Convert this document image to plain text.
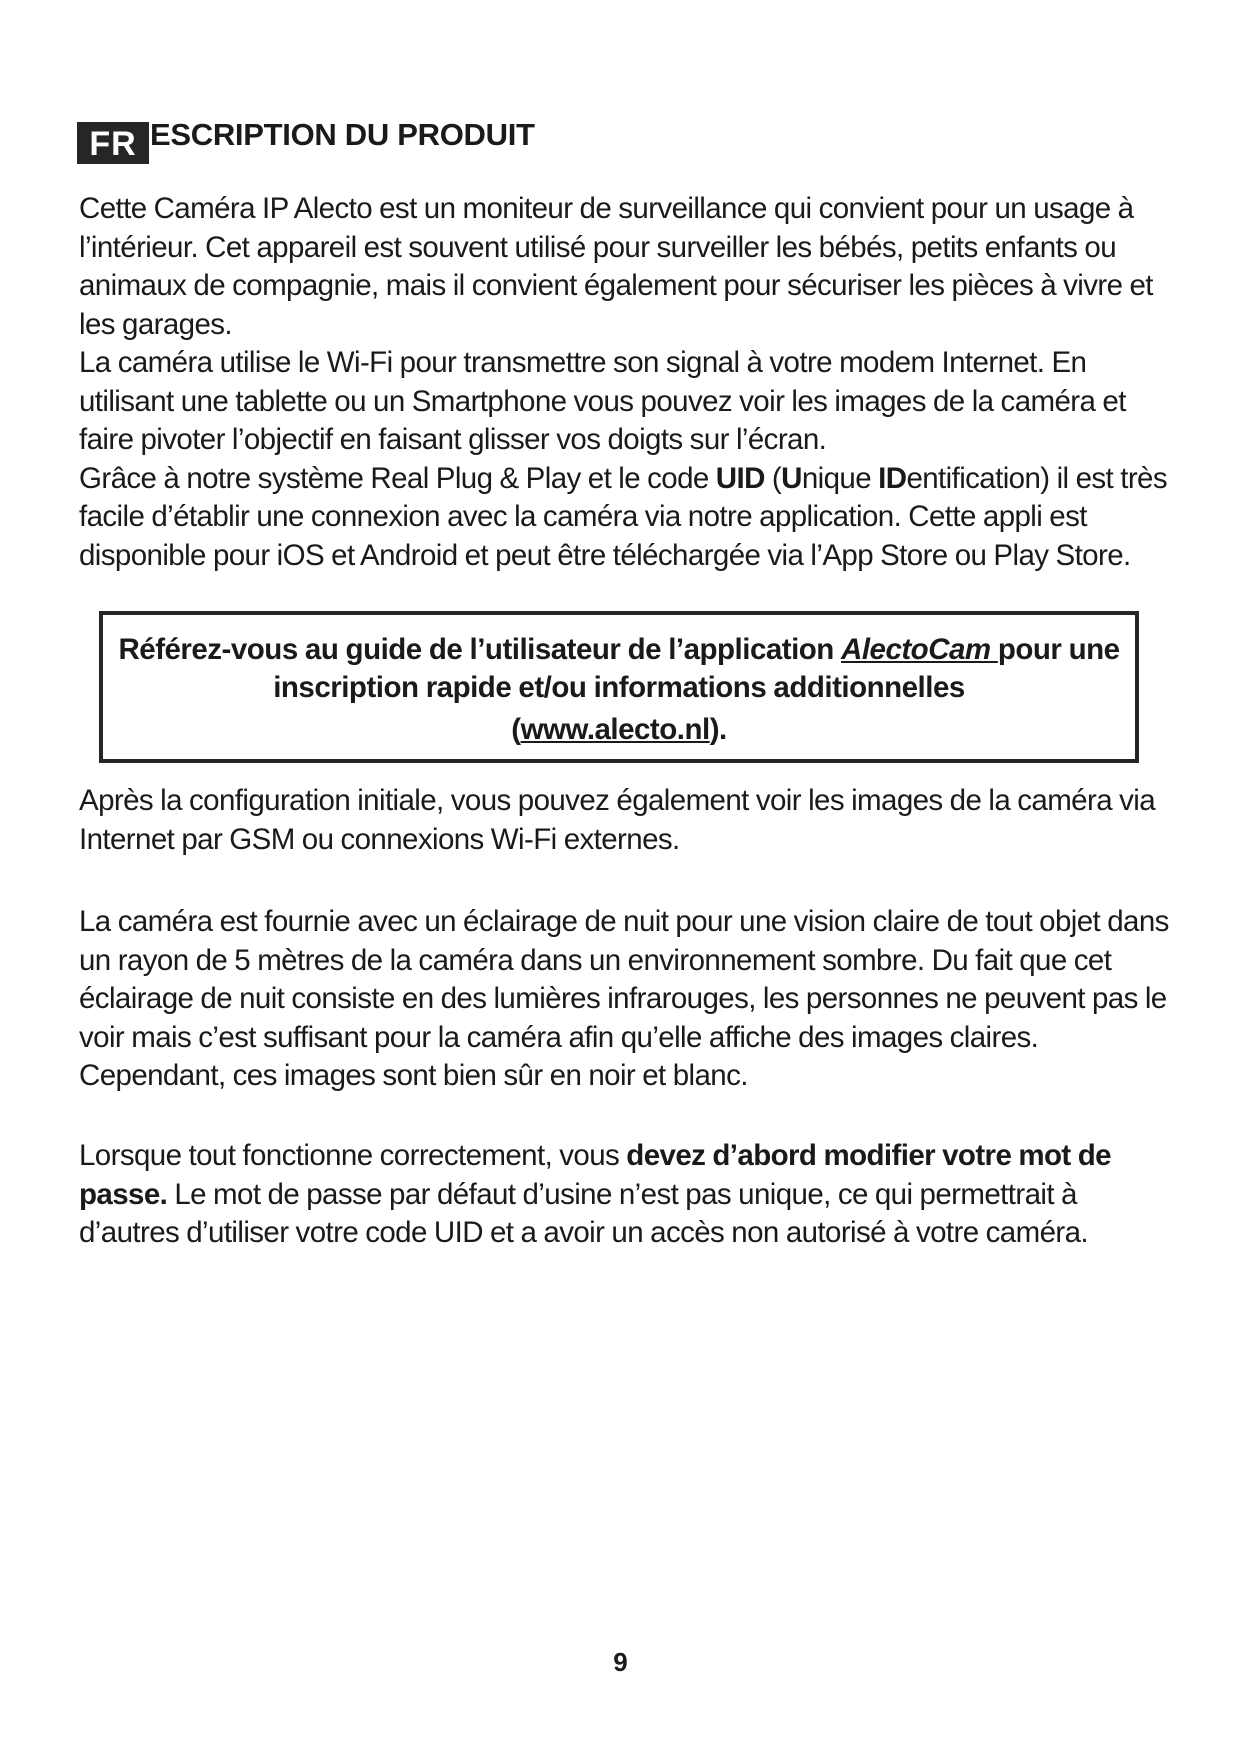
FR ESCRIPTION DU PRODUIT

Cette Caméra IP Alecto est un moniteur de surveillance qui convient pour un usage à l’intérieur. Cet appareil est souvent utilisé pour surveiller les bébés, petits enfants ou animaux de compagnie, mais il convient également pour sécuriser les pièces à vivre et les garages.

La caméra utilise le Wi-Fi pour transmettre son signal à votre modem Internet. En utilisant une tablette ou un Smartphone vous pouvez voir les images de la caméra et faire pivoter l’objectif en faisant glisser vos doigts sur l’écran.

Grâce à notre système Real Plug & Play et le code UID (Unique IDentification) il est très facile d’établir une connexion avec la caméra via notre application. Cette appli est disponible pour iOS et Android et peut être téléchargée via l’App Store ou Play Store.

Référez-vous au guide de l’utilisateur de l’application AlectoCam pour une
inscription rapide et/ou informations additionnelles
(www.alecto.nl).

Après la configuration initiale, vous pouvez également voir les images de la caméra via Internet par GSM ou connexions Wi-Fi externes.

La caméra est fournie avec un éclairage de nuit pour une vision claire de tout objet dans un rayon de 5 mètres de la caméra dans un environnement sombre. Du fait que cet éclairage de nuit consiste en des lumières infrarouges, les personnes ne peuvent pas le voir mais c’est suffisant pour la caméra afin qu’elle affiche des images claires. Cependant, ces images sont bien sûr en noir et blanc.

Lorsque tout fonctionne correctement, vous devez d’abord modifier votre mot de passe. Le mot de passe par défaut d’usine n’est pas unique, ce qui permettrait à d’autres d’utiliser votre code UID et a avoir un accès non autorisé à votre caméra.

9
